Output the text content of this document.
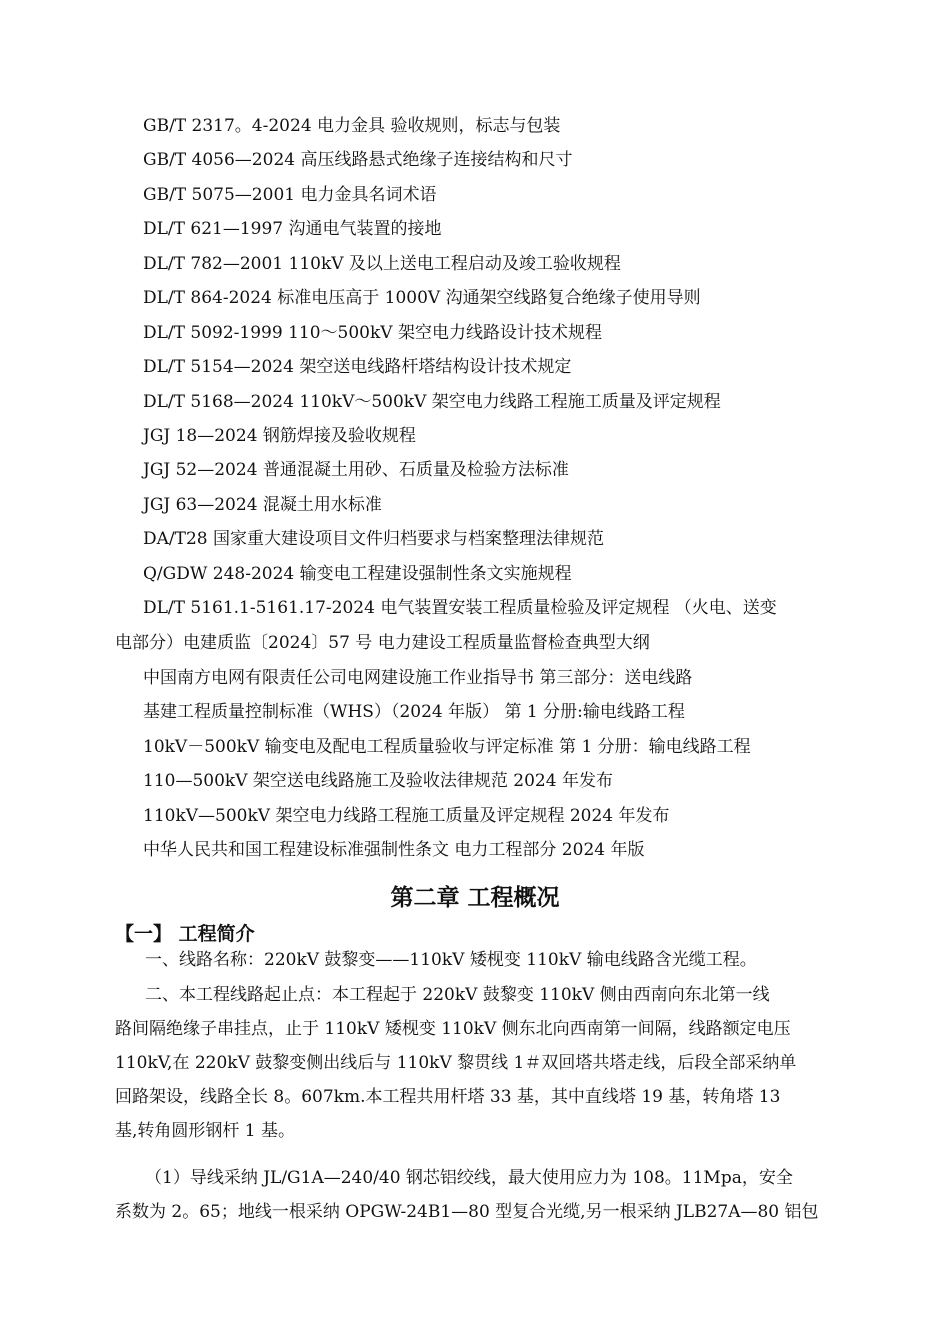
GB/T 2317。4-2024 电力金具 验收规则，标志与包装
GB/T 4056—2024 高压线路悬式绝缘子连接结构和尺寸
GB/T 5075—2001 电力金具名词术语
DL/T 621—1997 沟通电气装置的接地
DL/T 782—2001 110kV 及以上送电工程启动及竣工验收规程
DL/T 864-2024 标准电压高于 1000V 沟通架空线路复合绝缘子使用导则
DL/T 5092-1999 110～500kV 架空电力线路设计技术规程
DL/T 5154—2024 架空送电线路杆塔结构设计技术规定
DL/T 5168—2024 110kV～500kV 架空电力线路工程施工质量及评定规程
JGJ 18—2024 钢筋焊接及验收规程
JGJ 52—2024 普通混凝土用砂、石质量及检验方法标准
JGJ 63—2024 混凝土用水标准
DA/T28 国家重大建设项目文件归档要求与档案整理法律规范
Q/GDW 248-2024 输变电工程建设强制性条文实施规程
DL/T 5161.1-5161.17-2024 电气装置安装工程质量检验及评定规程 （火电、送变
电部分）电建质监〔2024〕57 号 电力建设工程质量监督检查典型大纲
中国南方电网有限责任公司电网建设施工作业指导书 第三部分：送电线路
基建工程质量控制标准（WHS）（2024 年版） 第 1 分册:输电线路工程
10kV－500kV 输变电及配电工程质量验收与评定标准 第 1 分册：输电线路工程
110—500kV 架空送电线路施工及验收法律规范 2024 年发布
110kV—500kV 架空电力线路工程施工质量及评定规程 2024 年发布
中华人民共和国工程建设标准强制性条文 电力工程部分 2024 年版
第二章 工程概况
【一】 工程简介
一、线路名称：220kV 鼓黎变——110kV 矮枧变 110kV 输电线路含光缆工程。
二、本工程线路起止点：本工程起于 220kV 鼓黎变 110kV 侧由西南向东北第一线
路间隔绝缘子串挂点，止于 110kV 矮枧变 110kV 侧东北向西南第一间隔，线路额定电压
110kV,在 220kV 鼓黎变侧出线后与 110kV 黎贯线 1＃双回塔共塔走线，后段全部采纳单
回路架设，线路全长 8。607km.本工程共用杆塔 33 基，其中直线塔 19 基，转角塔 13
基,转角圆形钢杆 1 基。
（1）导线采纳 JL/G1A—240/40 钢芯铝绞线，最大使用应力为 108。11Mpa，安全
系数为 2。65；地线一根采纳 OPGW-24B1—80 型复合光缆,另一根采纳 JLB27A—80 铝包
